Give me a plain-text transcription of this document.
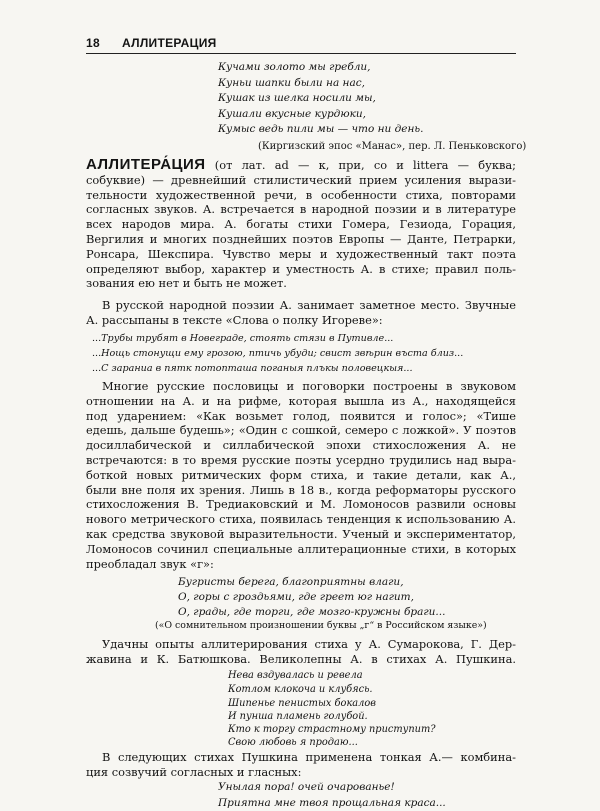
18 АЛЛИТЕРАЦИЯ
Кучами золото мы гребли,
Куньи шапки были на нас,
Кушак из шелка носили мы,
Кушали вкусные курдюки,
Кумыс ведь пили мы — что ни день.
(Киргизский эпос «Манас», пер. Л. Пеньковского)
АЛЛИТЕРА́ЦИЯ (от лат. ad — к, при, со и littera — буква;
собуквие) — древнейший стилистический прием усиления вырази-
тельности художественной речи, в особенности стиха, повторами
согласных звуков. А. встречается в народной поэзии и в литературе
всех народов мира. А. богаты стихи Гомера, Гезиода, Горация,
Вергилия и многих позднейших поэтов Европы — Данте, Петрарки,
Ронсара, Шекспира. Чувство меры и художественный такт поэта
определяют выбор, характер и уместность А. в стихе; правил поль-
зования ею нет и быть не может.
В русской народной поэзии А. занимает заметное место. Звучные
А. рассыпаны в тексте «Слова о полку Игореве»:
...Трубы трубят в Новеграде, стоять стязи в Путивле...
...Нощь стонущи ему грозою, птичь убуди; свист звѣрин въста близ...
...С зараниа в пятк потопташа поганыя плъкы половецкыя...
Многие русские пословицы и поговорки построены в звуковом
отношении на А. и на рифме, которая вышла из А., находящейся
под ударением: «Как возьмет голод, появится и голос»; «Тише
едешь, дальше будешь»; «Один с сошкой, семеро с ложкой». У поэтов
досиллабической и силлабической эпохи стихосложения А. не
встречаются: в то время русские поэты усердно трудились над выра-
боткой новых ритмических форм стиха, и такие детали, как А.,
были вне поля их зрения. Лишь в 18 в., когда реформаторы русского
стихосложения В. Тредиаковский и М. Ломоносов развили основы
нового метрического стиха, появилась тенденция к использованию А.
как средства звуковой выразительности. Ученый и экспериментатор,
Ломоносов сочинил специальные аллитерационные стихи, в которых
преобладал звук «г»:
Бугристы берега, благоприятны влаги,
О, горы с гроздьями, где греет юг нагит,
О, грады, где торги, где мозго-кружны браги...
(«О сомнительном произношении буквы „г“ в Российском языке»)
Удачны опыты аллитерирования стиха у А. Сумарокова, Г. Дер-
жавина и К. Батюшкова. Великолепны А. в стихах А. Пушкина.
Нева вздувалась и ревела
Котлом клокоча и клубясь.
Шипенье пенистых бокалов
И пунша пламень голубой.
Кто к торгу страстному приступит?
Свою любовь я продаю...
В следующих стихах Пушкина применена тонкая А.— комбина-
ция созвучий согласных и гласных:
Унылая пора! очей очарованье!
Приятна мне твоя прощальная краса...
